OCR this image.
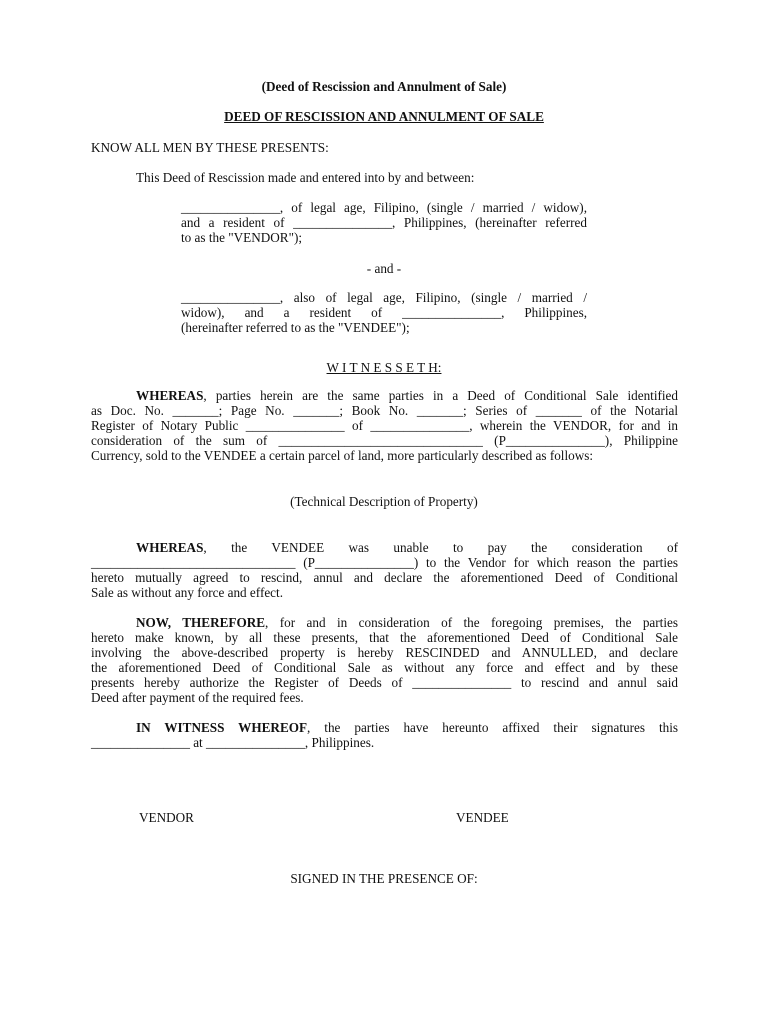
(Deed of Rescission and Annulment of Sale)
DEED OF RESCISSION AND ANNULMENT OF SALE
KNOW ALL MEN BY THESE PRESENTS:
This Deed of Rescission made and entered into by and between:
_______________, of legal age, Filipino, (single / married / widow),
and a resident of _______________, Philippines, (hereinafter referred
to as the "VENDOR");
- and -
_______________, also of legal age, Filipino, (single / married /
widow), and a resident of _______________, Philippines,
(hereinafter referred to as the "VENDEE");
W I T N E S S E T H:
WHEREAS, parties herein are the same parties in a Deed of Conditional Sale identified
as Doc. No. _______; Page No. _______; Book No. _______; Series of _______ of the Notarial
Register of Notary Public _______________ of _______________, wherein the VENDOR, for and in
consideration of the sum of _______________________________ (P_______________), Philippine
Currency, sold to the VENDEE a certain parcel of land, more particularly described as follows:
(Technical Description of Property)
WHEREAS, the VENDEE was unable to pay the consideration of
_______________________________ (P_______________) to the Vendor for which reason the parties
hereto mutually agreed to rescind, annul and declare the aforementioned Deed of Conditional
Sale as without any force and effect.
NOW, THEREFORE, for and in consideration of the foregoing premises, the parties
hereto make known, by all these presents, that the aforementioned Deed of Conditional Sale
involving the above-described property is hereby RESCINDED and ANNULLED, and declare
the aforementioned Deed of Conditional Sale as without any force and effect and by these
presents hereby authorize the Register of Deeds of _______________ to rescind and annul said
Deed after payment of the required fees.
IN WITNESS WHEREOF, the parties have hereunto affixed their signatures this
_______________ at _______________, Philippines.
VENDOR	VENDEE
SIGNED IN THE PRESENCE OF:
